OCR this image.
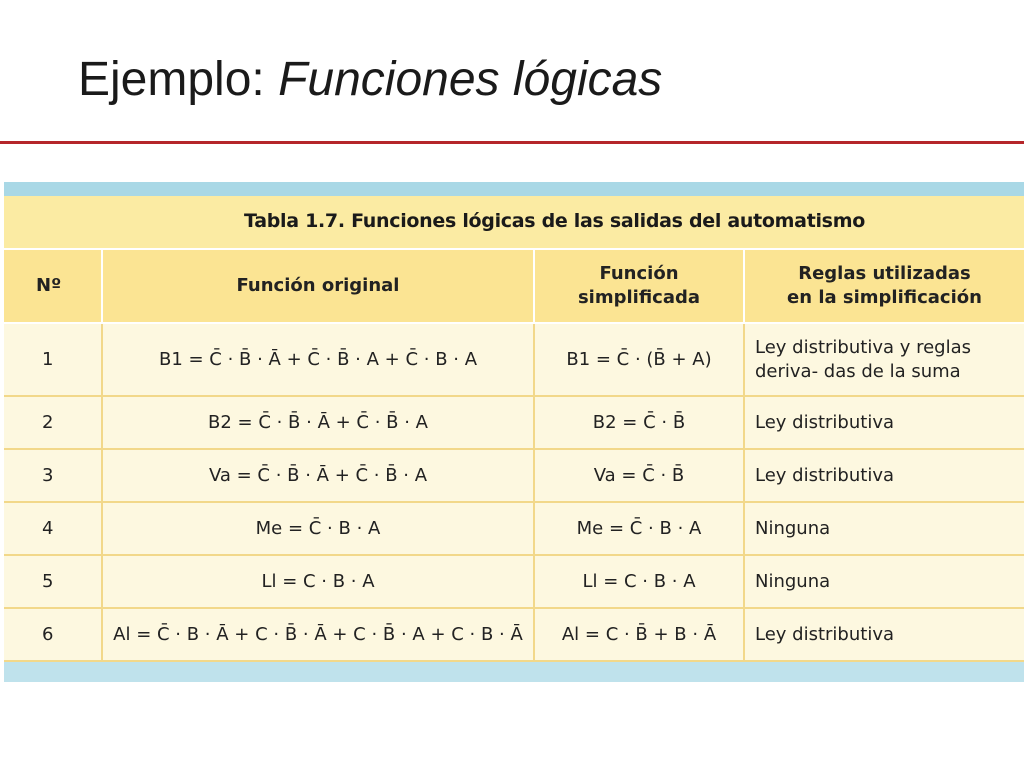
Ejemplo: Funciones lógicas
Tabla 1.7. Funciones lógicas de las salidas del automatismo
Nº	Función original	Función simplificada	Reglas utilizadas
en la simplificación
1	B1 = C̄ · B̄ · Ā + C̄ · B̄ · A + C̄ · B · A	B1 = C̄ · (B̄ + A)	Ley distributiva y reglas deriva- das de la suma
2	B2 = C̄ · B̄ · Ā + C̄ · B̄ · A	B2 = C̄ · B̄	Ley distributiva
3	Va = C̄ · B̄ · Ā + C̄ · B̄ · A	Va = C̄ · B̄	Ley distributiva
4	Me = C̄ · B · A	Me = C̄ · B · A	Ninguna
5	Ll = C · B · A	Ll = C · B · A	Ninguna
6	Al = C̄ · B · Ā + C · B̄ · Ā + C · B̄ · A + C · B · Ā	Al = C · B̄ + B · Ā	Ley distributiva
